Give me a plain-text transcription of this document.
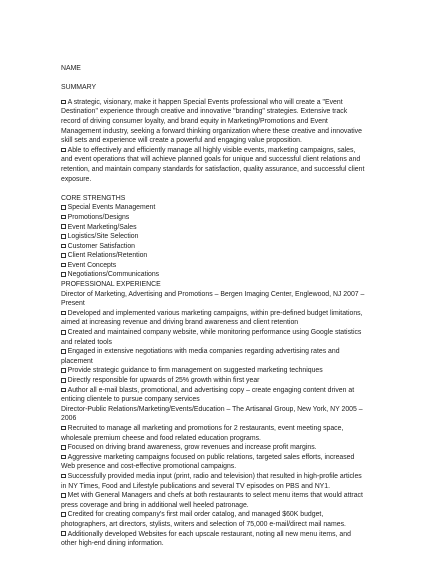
NAME
SUMMARY
A strategic, visionary, make it happen Special Events professional who will create a "Event
Destination" experience through creative and innovative "branding" strategies. Extensive track
record of driving consumer loyalty, and brand equity in Marketing/Promotions and Event
Management industry, seeking a forward thinking organization where these creative and innovative
skill sets and experience will create a powerful and engaging value proposition.
Able to effectively and efficiently manage all highly visible events, marketing campaigns, sales,
and event operations that will achieve planned goals for unique and successful client relations and
retention, and maintain company standards for satisfaction, quality assurance, and successful client
exposure.
CORE STRENGTHS
Special Events Management
Promotions/Designs
Event Marketing/Sales
Logistics/Site Selection
Customer Satisfaction
Client Relations/Retention
Event Concepts
Negotiations/Communications
PROFESSIONAL EXPERIENCE
Director of Marketing, Advertising and Promotions – Bergen Imaging Center, Englewood, NJ 2007 –
Present
Developed and implemented various marketing campaigns, within pre-defined budget limitations,
aimed at increasing revenue and driving brand awareness and client retention
Created and maintained company website, while monitoring performance using Google statistics
and related tools
Engaged in extensive negotiations with media companies regarding advertising rates and
placement
Provide strategic guidance to firm management on suggested marketing techniques
Directly responsible for upwards of 25% growth within first year
Author all e-mail blasts, promotional, and advertising copy – create engaging content driven at
enticing clientele to pursue company services
Director-Public Relations/Marketing/Events/Education – The Artisanal Group, New York, NY 2005 –
2006
Recruited to manage all marketing and promotions for 2 restaurants, event meeting space,
wholesale premium cheese and food related education programs.
Focused on driving brand awareness, grow revenues and increase profit margins.
Aggressive marketing campaigns focused on public relations, targeted sales efforts, increased
Web presence and cost-effective promotional campaigns.
Successfully provided media input (print, radio and television) that resulted in high-profile articles
in NY Times, Food and Lifestyle publications and several TV episodes on PBS and NY1.
Met with General Managers and chefs at both restaurants to select menu items that would attract
press coverage and bring in additional well heeled patronage.
Credited for creating company's first mail order catalog, and managed $60K budget,
photographers, art directors, stylists, writers and selection of 75,000 e-mail/direct mail names.
Additionally developed Websites for each upscale restaurant, noting all new menu items, and
other high-end dining information.
